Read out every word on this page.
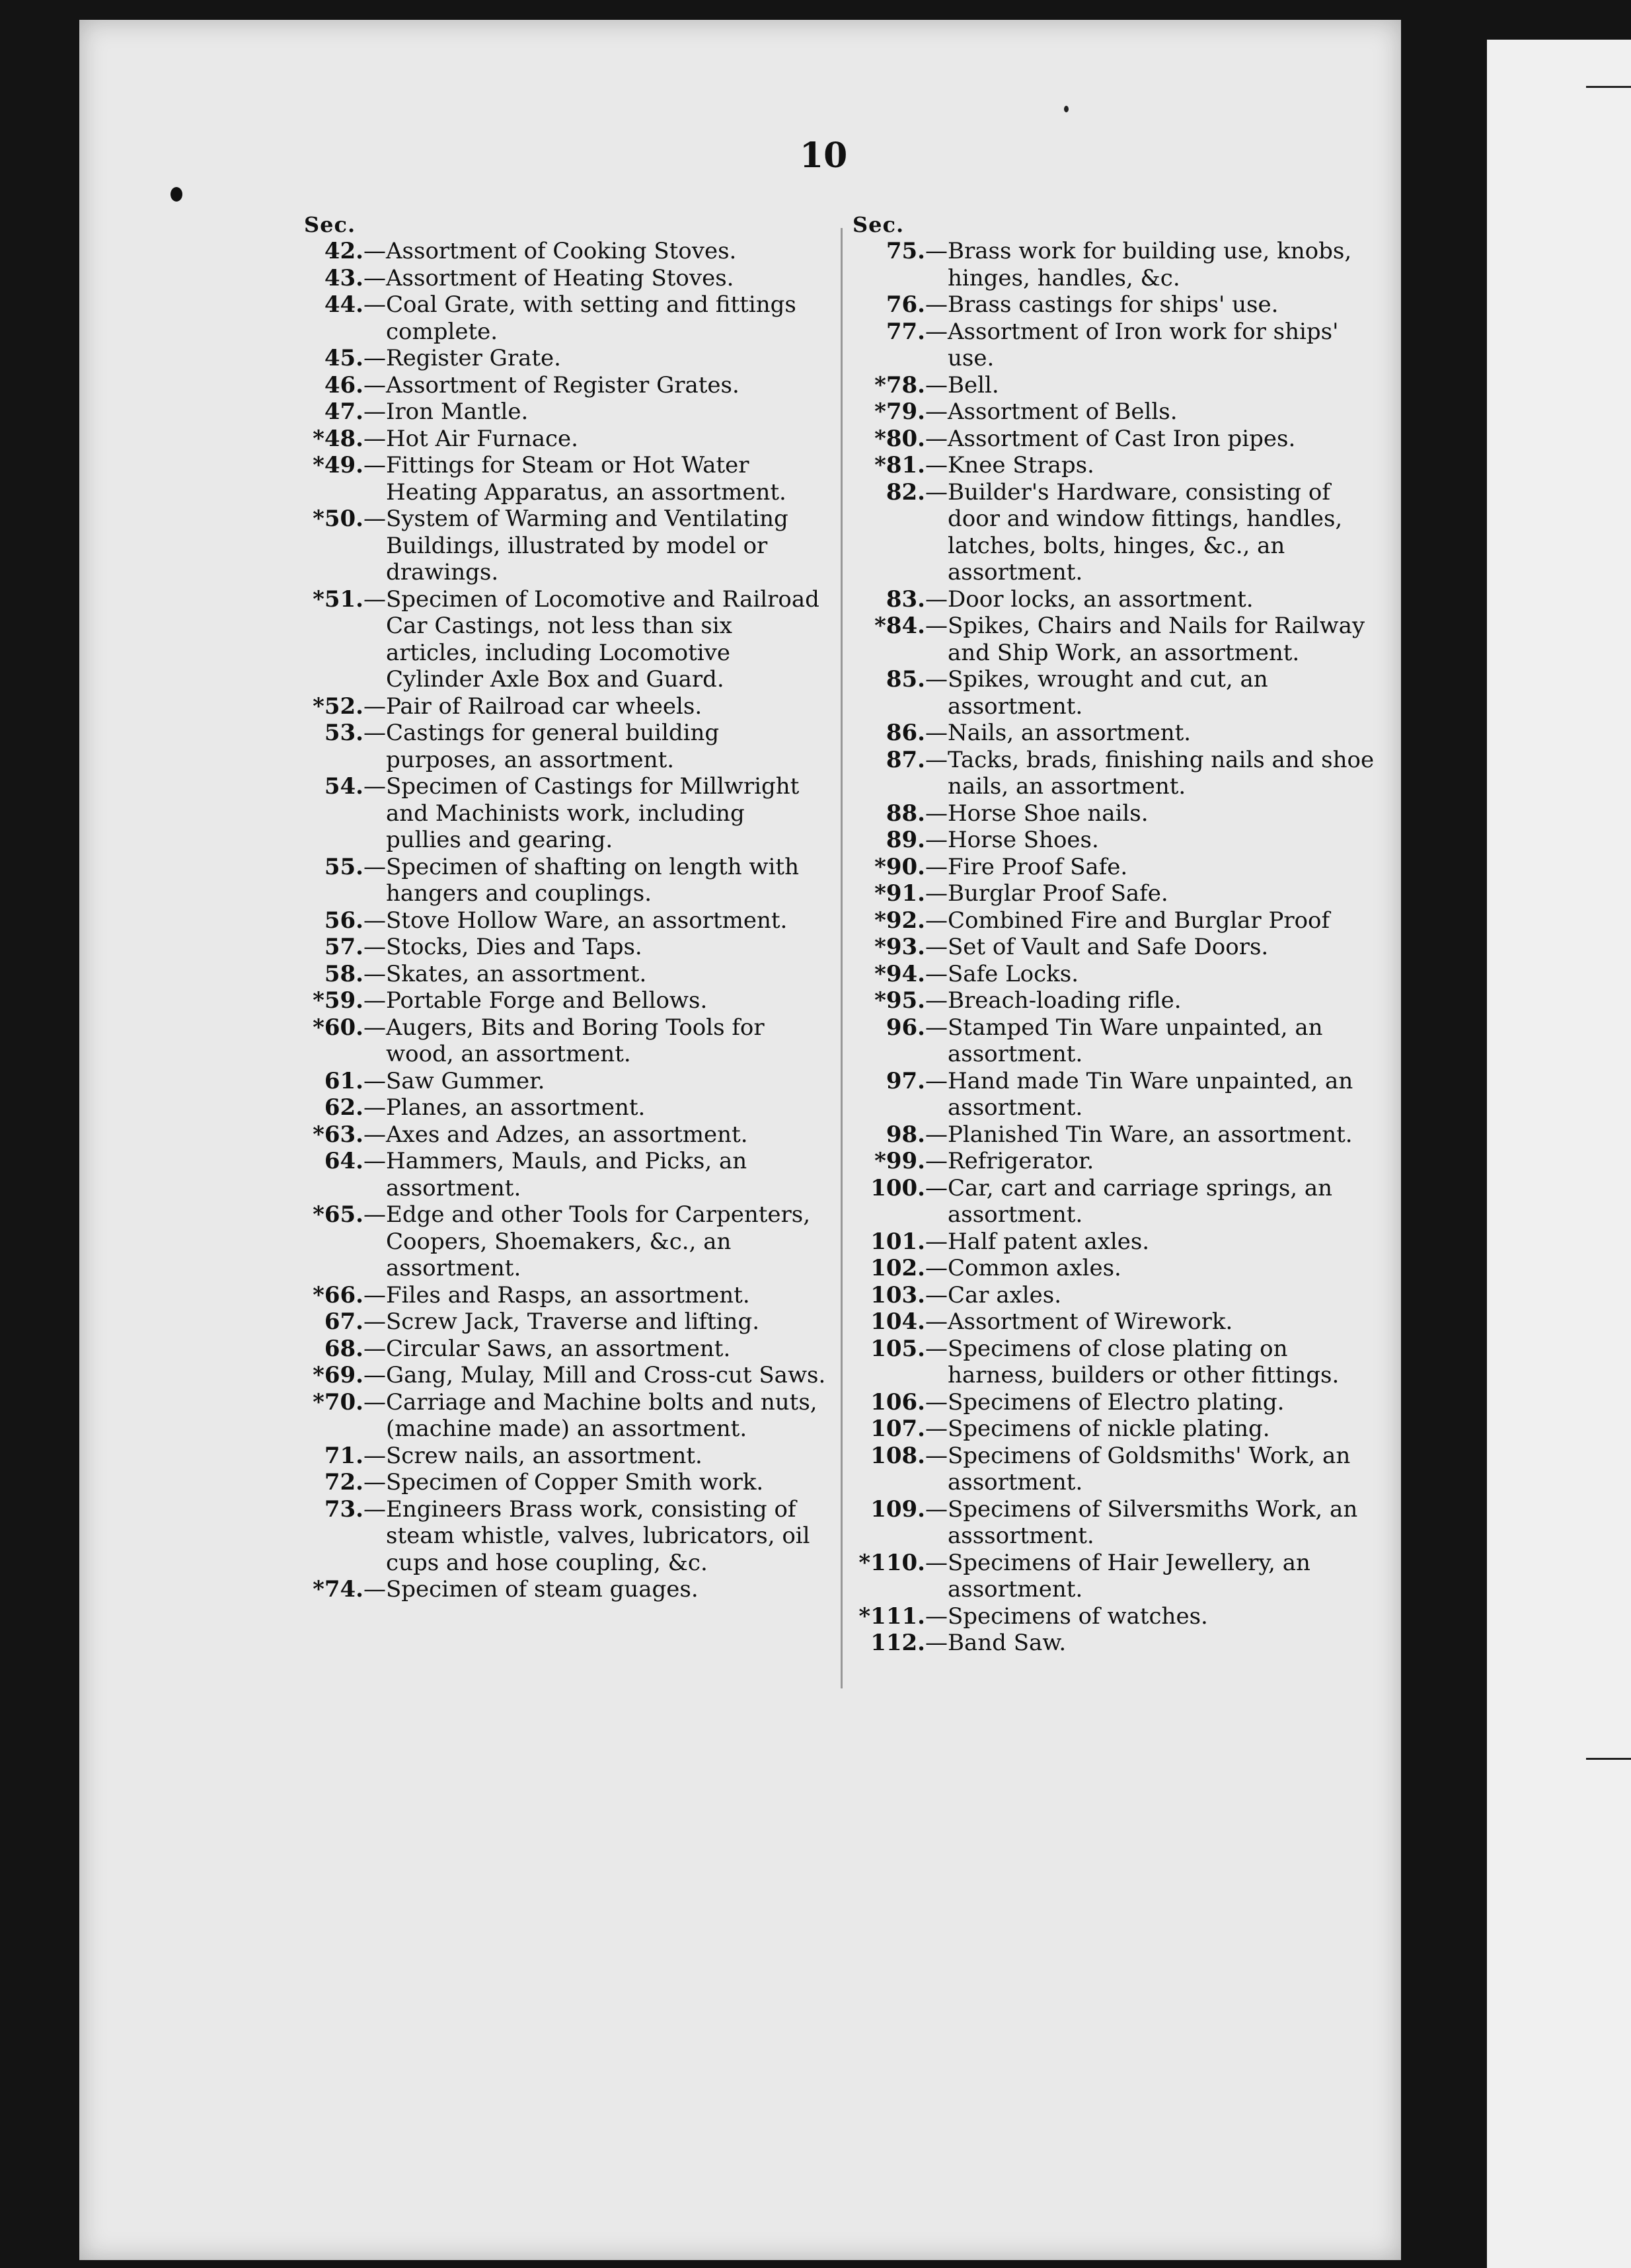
10
Sec.
42. — Assortment of Cooking Stoves.
43. — Assortment of Heating Stoves.
44. — Coal Grate, with setting and fittings complete.
45. — Register Grate.
46. — Assortment of Register Grates.
47. — Iron Mantle.
*48. — Hot Air Furnace.
*49. — Fittings for Steam or Hot Water Heating Apparatus, an assortment.
*50. — System of Warming and Ventilating Buildings, illustrated by model or drawings.
*51. — Specimen of Locomotive and Railroad Car Castings, not less than six articles, including Locomotive Cylinder Axle Box and Guard.
*52. — Pair of Railroad car wheels.
53. — Castings for general building purposes, an assortment.
54. — Specimen of Castings for Millwright and Machinists work, including pullies and gearing.
55. — Specimen of shafting on length with hangers and couplings.
56. — Stove Hollow Ware, an assortment.
57. — Stocks, Dies and Taps.
58. — Skates, an assortment.
*59. — Portable Forge and Bellows.
*60. — Augers, Bits and Boring Tools for wood, an assortment.
61. — Saw Gummer.
62. — Planes, an assortment.
*63. — Axes and Adzes, an assortment.
64. — Hammers, Mauls, and Picks, an assortment.
*65. — Edge and other Tools for Carpenters, Coopers, Shoemakers, &c., an assortment.
*66. — Files and Rasps, an assortment.
67. — Screw Jack, Traverse and lifting.
68. — Circular Saws, an assortment.
*69. — Gang, Mulay, Mill and Cross-cut Saws.
*70. — Carriage and Machine bolts and nuts, (machine made) an assortment.
71. — Screw nails, an assortment.
72. — Specimen of Copper Smith work.
73. — Engineers Brass work, consisting of steam whistle, valves, lubricators, oil cups and hose coupling, &c.
*74. — Specimen of steam guages.
Sec.
75. — Brass work for building use, knobs, hinges, handles, &c.
76. — Brass castings for ships' use.
77. — Assortment of Iron work for ships' use.
*78. — Bell.
*79. — Assortment of Bells.
*80. — Assortment of Cast Iron pipes.
*81. — Knee Straps.
82. — Builder's Hardware, consisting of door and window fittings, handles, latches, bolts, hinges, &c., an assortment.
83. — Door locks, an assortment.
*84. — Spikes, Chairs and Nails for Railway and Ship Work, an assortment.
85. — Spikes, wrought and cut, an assortment.
86. — Nails, an assortment.
87. — Tacks, brads, finishing nails and shoe nails, an assortment.
88. — Horse Shoe nails.
89. — Horse Shoes.
*90. — Fire Proof Safe.
*91. — Burglar Proof Safe.
*92. — Combined Fire and Burglar Proof
*93. — Set of Vault and Safe Doors.
*94. — Safe Locks.
*95. — Breach-loading rifle.
96. — Stamped Tin Ware unpainted, an assortment.
97. — Hand made Tin Ware unpainted, an assortment.
98. — Planished Tin Ware, an assortment.
*99. — Refrigerator.
100. — Car, cart and carriage springs, an assortment.
101. — Half patent axles.
102. — Common axles.
103. — Car axles.
104. — Assortment of Wirework.
105. — Specimens of close plating on harness, builders or other fittings.
106. — Specimens of Electro plating.
107. — Specimens of nickle plating.
108. — Specimens of Goldsmiths' Work, an assortment.
109. — Specimens of Silversmiths Work, an asssortment.
*110. — Specimens of Hair Jewellery, an assortment.
*111. — Specimens of watches.
112. — Band Saw.
